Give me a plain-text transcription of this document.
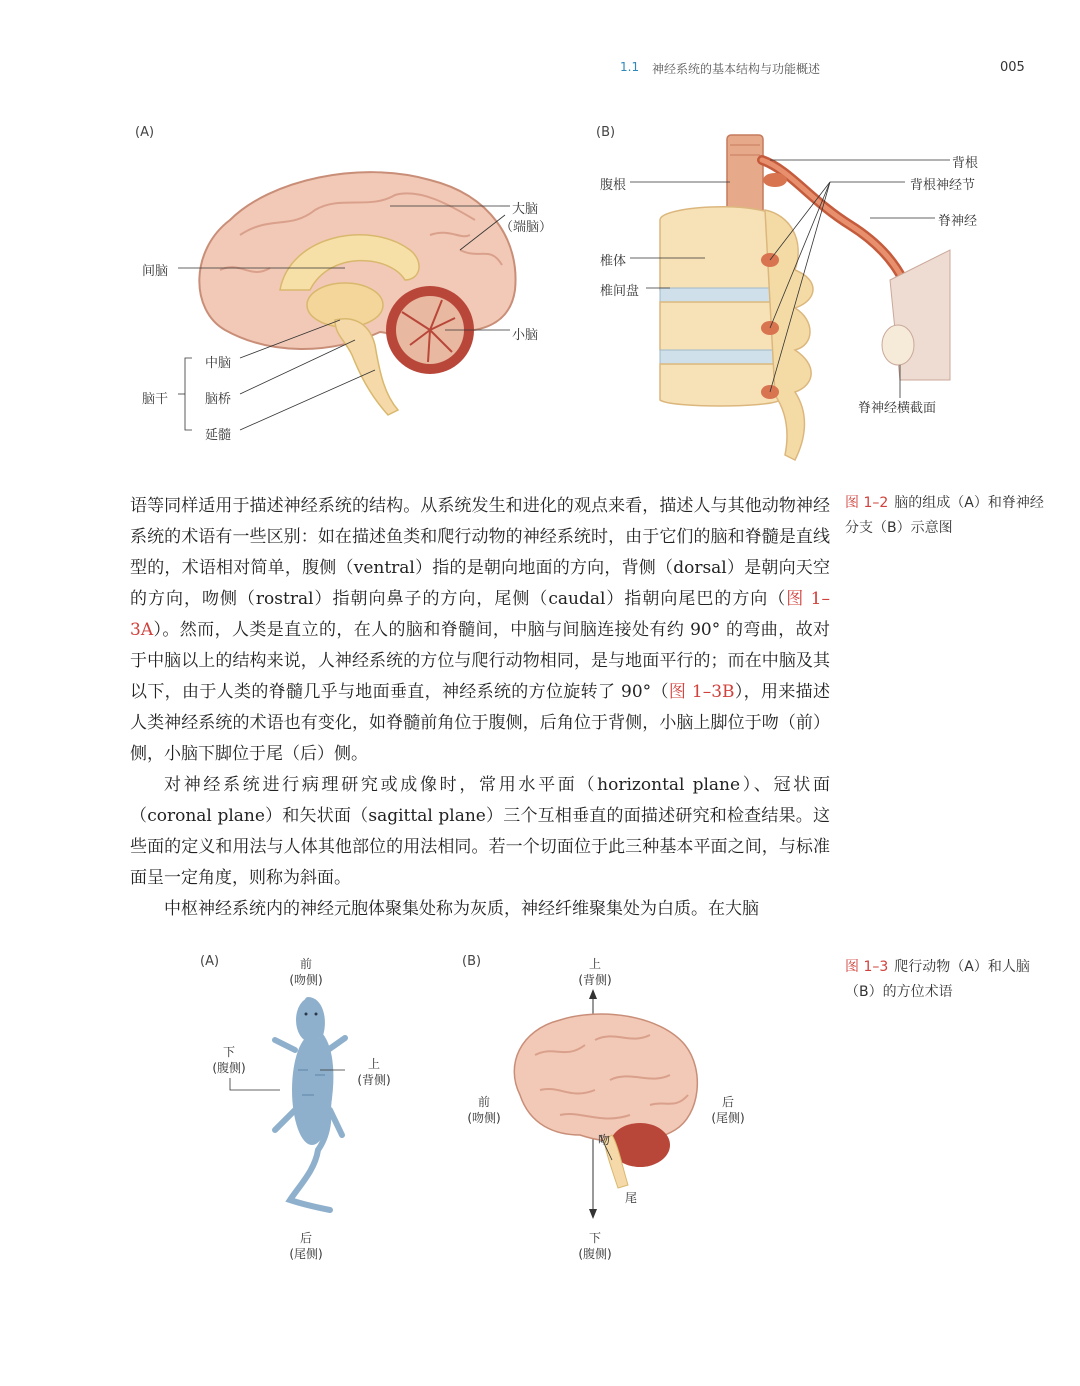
1.1 神经系统的基本结构与功能概述	005
(A)	(B)
大脑
（端脑）
间脑
小脑
中脑
脑干	脑桥
延髓
背根
腹根	背根神经节
脊神经
椎体
椎间盘
脊神经横截面
图 1–2 脑的组成（A）和脊神经分支（B）示意图

语等同样适用于描述神经系统的结构。从系统发生和进化的观点来看，描述人与其他动物神经系统的术语有一些区别：如在描述鱼类和爬行动物的神经系统时，由于它们的脑和脊髓是直线型的，术语相对简单，腹侧（ventral）指的是朝向地面的方向，背侧（dorsal）是朝向天空的方向，吻侧（rostral）指朝向鼻子的方向，尾侧（caudal）指朝向尾巴的方向（图 1–3A）。然而，人类是直立的，在人的脑和脊髓间，中脑与间脑连接处有约 90° 的弯曲，故对于中脑以上的结构来说，人神经系统的方位与爬行动物相同，是与地面平行的；而在中脑及其以下，由于人类的脊髓几乎与地面垂直，神经系统的方位旋转了 90°（图 1–3B），用来描述人类神经系统的术语也有变化，如脊髓前角位于腹侧，后角位于背侧，小脑上脚位于吻（前）侧，小脑下脚位于尾（后）侧。

对神经系统进行病理研究或成像时，常用水平面（horizontal plane）、冠状面（coronal plane）和矢状面（sagittal plane）三个互相垂直的面描述研究和检查结果。这些面的定义和用法与人体其他部位的用法相同。若一个切面位于此三种基本平面之间，与标准面呈一定角度，则称为斜面。

中枢神经系统内的神经元胞体聚集处称为灰质，神经纤维聚集处为白质。在大脑

(A)	(B)
前
(吻侧)
下
(腹侧)	上
(背侧)
后
(尾侧)
上
(背侧)
前
(吻侧)
后
(尾侧)
吻
尾
下
(腹侧)
图 1–3 爬行动物（A）和人脑（B）的方位术语
